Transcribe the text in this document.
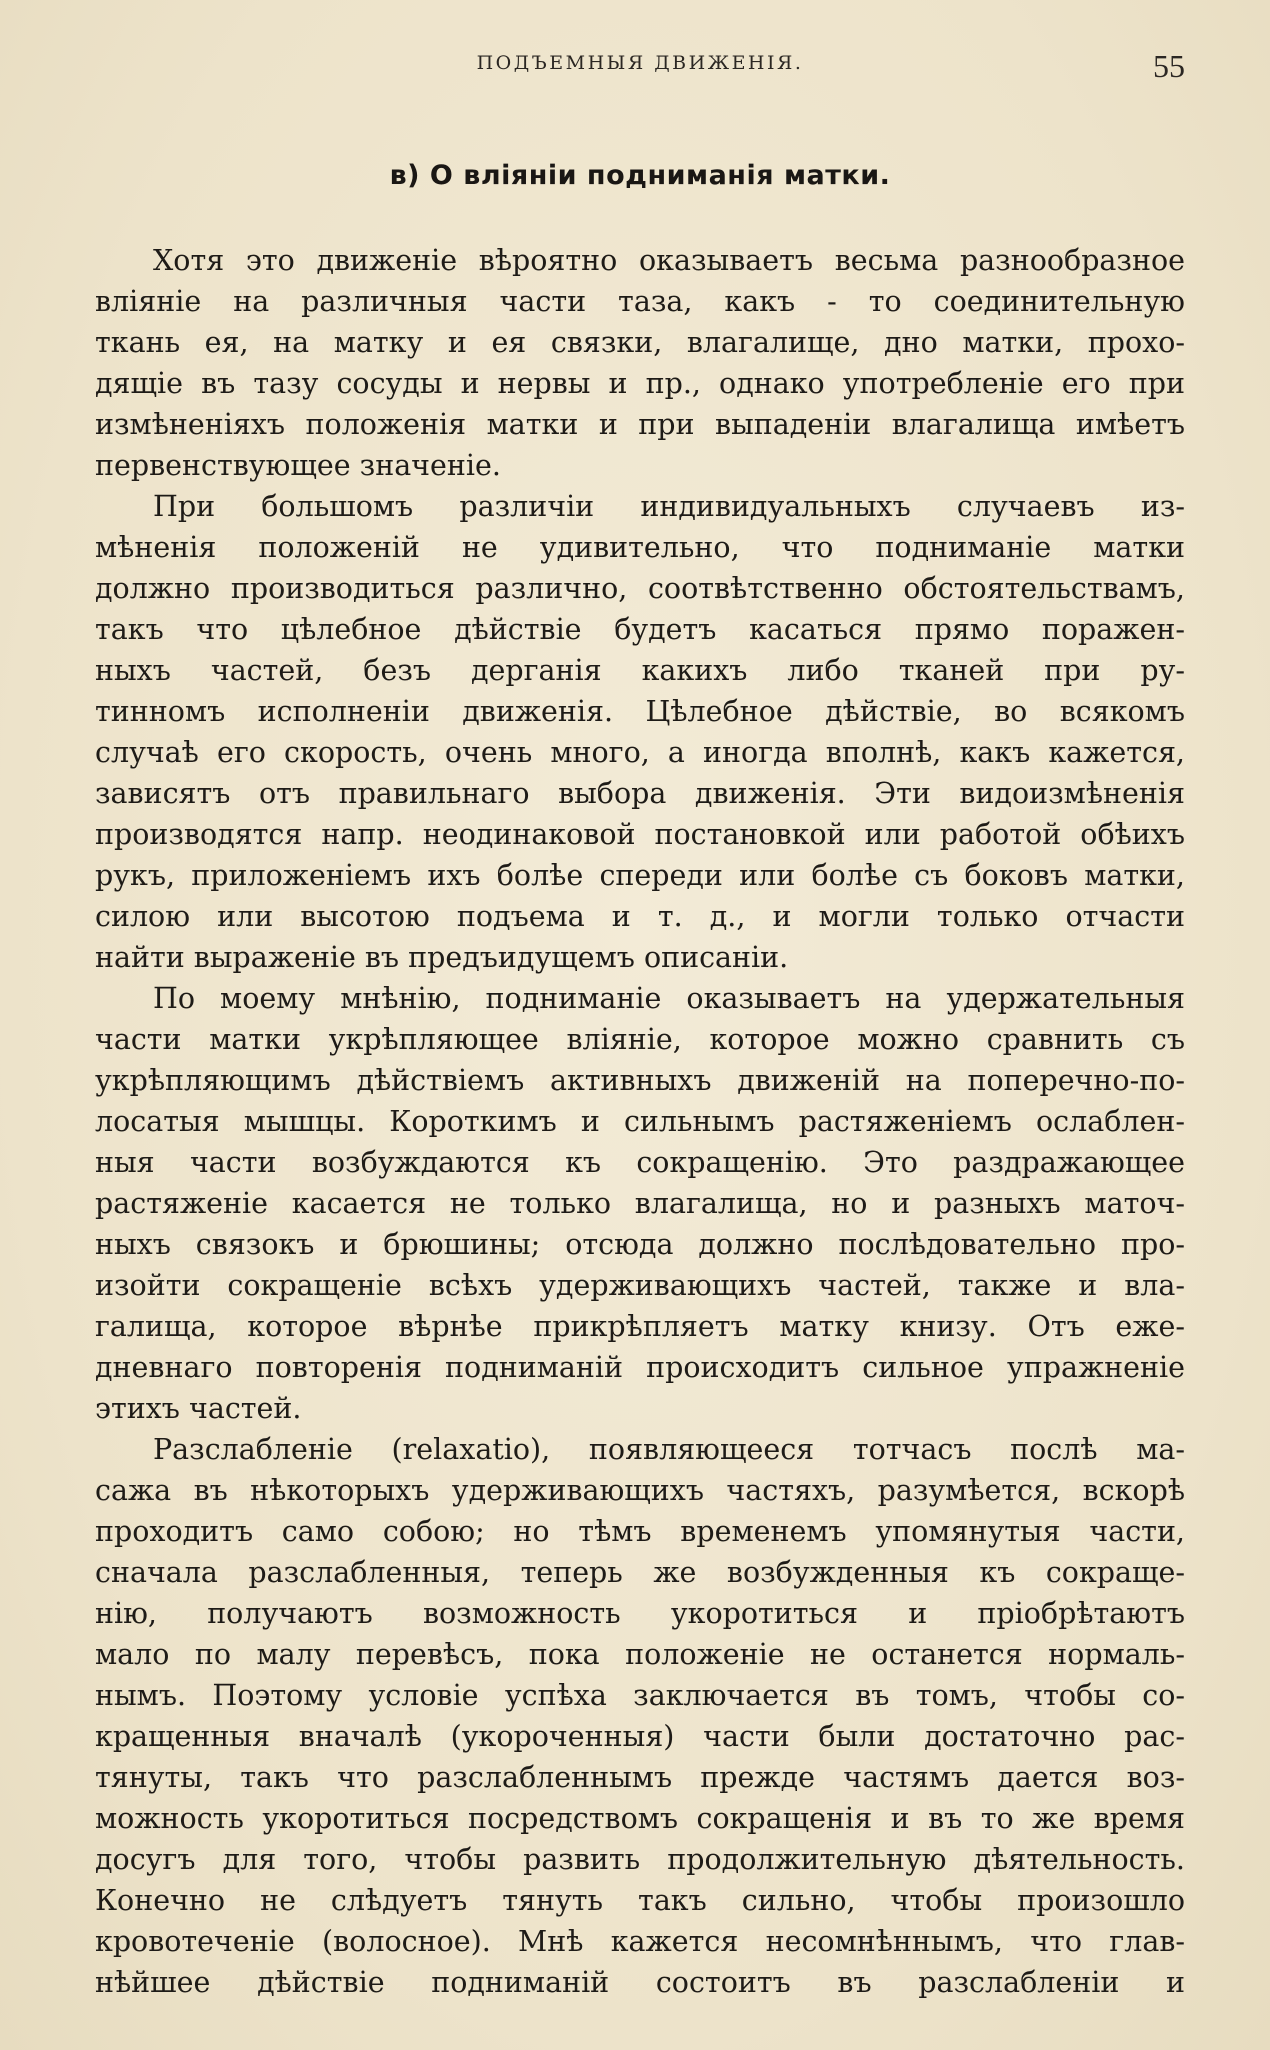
ПОДЪЕМНЫЯ ДВИЖЕНІЯ.	55
в) О вліяніи подниманія матки.
Хотя это движеніе вѣроятно оказываетъ весьма разнообразное
вліяніе на различныя части таза, какъ - то соединительную
ткань ея, на матку и ея связки, влагалище, дно матки, прохо-
дящіе въ тазу сосуды и нервы и пр., однако употребленіе его при
измѣненіяхъ положенія матки и при выпаденіи влагалища имѣетъ
первенствующее значеніе.
При большомъ различіи индивидуальныхъ случаевъ из-
мѣненія положеній не удивительно, что подниманіе матки
должно производиться различно, соотвѣтственно обстоятельствамъ,
такъ что цѣлебное дѣйствіе будетъ касаться прямо поражен-
ныхъ частей, безъ дерганія какихъ либо тканей при ру-
тинномъ исполненіи движенія. Цѣлебное дѣйствіе, во всякомъ
случаѣ его скорость, очень много, а иногда вполнѣ, какъ кажется,
зависятъ отъ правильнаго выбора движенія. Эти видоизмѣненія
производятся напр. неодинаковой постановкой или работой обѣихъ
рукъ, приложеніемъ ихъ болѣе спереди или болѣе съ боковъ матки,
силою или высотою подъема и т. д., и могли только отчасти
найти выраженіе въ предъидущемъ описаніи.
По моему мнѣнію, подниманіе оказываетъ на удержательныя
части матки укрѣпляющее вліяніе, которое можно сравнить съ
укрѣпляющимъ дѣйствіемъ активныхъ движеній на поперечно-по-
лосатыя мышцы. Короткимъ и сильнымъ растяженіемъ ослаблен-
ныя части возбуждаются къ сокращенію. Это раздражающее
растяженіе касается не только влагалища, но и разныхъ маточ-
ныхъ связокъ и брюшины; отсюда должно послѣдовательно про-
изойти сокращеніе всѣхъ удерживающихъ частей, также и вла-
галища, которое вѣрнѣе прикрѣпляетъ матку книзу. Отъ еже-
дневнаго повторенія подниманій происходитъ сильное упражненіе
этихъ частей.
Разслабленіе (relaxatio), появляющееся тотчасъ послѣ ма-
сажа въ нѣкоторыхъ удерживающихъ частяхъ, разумѣется, вскорѣ
проходитъ само собою; но тѣмъ временемъ упомянутыя части,
сначала разслабленныя, теперь же возбужденныя къ сокраще-
нію, получаютъ возможность укоротиться и пріобрѣтаютъ
мало по малу перевѣсъ, пока положеніе не останется нормаль-
нымъ. Поэтому условіе успѣха заключается въ томъ, чтобы со-
кращенныя вначалѣ (укороченныя) части были достаточно рас-
тянуты, такъ что разслабленнымъ прежде частямъ дается воз-
можность укоротиться посредствомъ сокращенія и въ то же время
досугъ для того, чтобы развить продолжительную дѣятельность.
Конечно не слѣдуетъ тянуть такъ сильно, чтобы произошло
кровотеченіе (волосное). Мнѣ кажется несомнѣннымъ, что глав-
нѣйшее дѣйствіе подниманій состоитъ въ разслабленіи и
